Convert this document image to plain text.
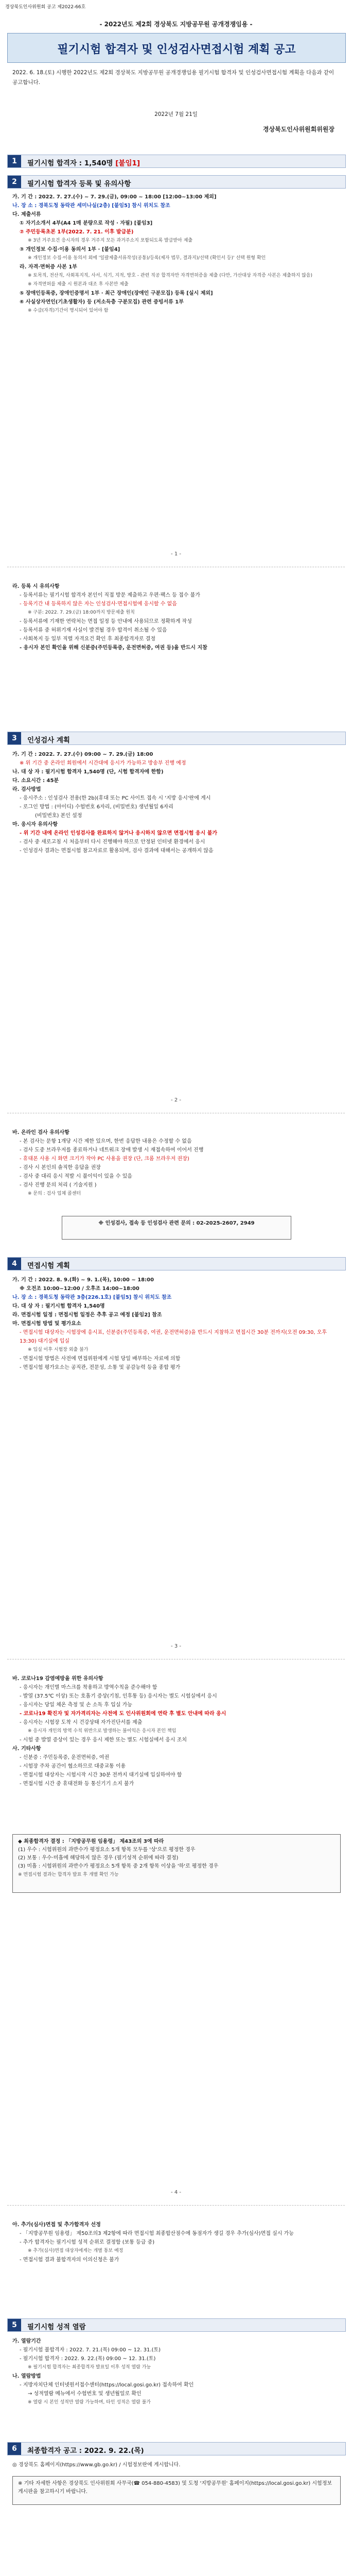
경상북도인사위원회 공고 제2022-66호
- 2022년도 제2회 경상북도 지방공무원 공개경쟁임용 -
필기시험 합격자 및 인성검사면접시험 계획 공고
2022. 6. 18.(토) 시행한 2022년도 제2회 경상북도 지방공무원 공개경쟁임용 필기시험 합격자 및 인성검사면접시험 계획을 다음과 같이 공고합니다.
2022년 7월 21일
경상북도인사위원회위원장
1	필기시험 합격자 : 1,540명 [붙임1]
2	필기시험 합격자 등록 및 유의사항

가. 기 간 : 2022. 7. 27.(수) ~ 7. 29.(금), 09:00 ~ 18:00 [12:00~13:00 제외]

나. 장 소 : 경북도청 동락관 세미나실(2층) [붙임5] 참시 위치도 참조

다. 제출서류

① 자기소개서 4부(A4 1매 분량으로 작성 · 자필) [붙임3]

② 주민등록초본 1부(2022. 7. 21. 이후 발급분)

※ 3년 거주요건 응시자의 경우 거주지 모든 과거주소지 포함되도록 발급받아 제출

③ 개인정보 수집·이용 동의서 1부 · [붙임4]

※ 개인정보 수집·이용 동의서 외에 '일괄제출서류작성(공통)/등록(제자 법무, 결과지)/선택 (확인서 등)' 선택 원형 확인

라. 자격·면허증 사본 1부

※ 토목직, 전산직, 사회복지직, 사서, 식기, 지적, 방호 - 관련 직공 합격자만 자격면허증을 제출 (다만, 가산대상 자격증 사본은 제출하지 않음)

※ 자격면허를 제출 시 원본과 대조 후 사본만 제출

⑤ 장애인등록증, 장애인증명서 1부 · 최근 장애인(장애인 구분모집) 등록 [실시 제외]

⑥ 사실상자연인(기초생활자) 등 (저소득층 구분모집) 관련 증빙서류 1부

※ 수급(자격)기간이 명시되어 있어야 함

- 1 -

라. 등록 시 유의사항

- 등록서류는 필기시험 합격자 본인이 직접 방문 제출하고 우편·팩스 등 접수 불가

- 등록기간 내 등록하지 않은 자는 인성검사·면접시험에 응시할 수 없음

※ 구분: 2022. 7. 29.(금) 18:00까지 방문제출 원칙

- 등록서류에 기재한 연락처는 면접 일정 등 안내에 사용되므로 정확하게 작성

- 등록서류 중 허위기재 사실이 발견될 경우 합격이 취소될 수 있음

- 사회복지 등 일부 직렬 자격요건 확인 후 최종합격자로 결정

- 응시자 본인 확인을 위해 신분증(주민등록증, 운전면허증, 여권 등)을 반드시 지참

3	인성검사 계획

가. 기 간 : 2022. 7. 27.(수) 09:00 ~ 7. 29.(금) 18:00

※ 위 기간 중 온라인 회원에서 시간대에 응시가 가능하고 방송부 진행 예정

나. 대 상 자 : 필기시험 합격자 1,540명 (단, 시험 합격자에 한함)

다. 소요시간 : 45분

라. 검사방법

- 응시주소 : 인성검사 전용(한 2b)(휴대 또는 PC 사이트 접속 시 '지방 응시'란에 게시

- 로그인 방법 : (아이디) 수험번호 6자리, (비밀번호) 생년월일 6자리

(비밀번호) 본인 설정

마. 응시자 유의사항

- 위 기간 내에 온라인 인성검사를 완료하지 않거나 응시하지 않으면 면접시험 응시 불가

- 검사 중 새로고침 시 처음부터 다시 진행해야 하므로 안정된 인터넷 환경에서 응시

- 인성검사 결과는 면접시험 참고자료로 활용되며, 검사 결과에 대해서는 공개하지 않음

- 2 -

바. 온라인 검사 유의사항

- 본 검사는 문항 1개당 시간 제한 있으며, 한번 응답한 내용은 수정할 수 없음

- 검사 도중 브라우저를 종료하거나 네트워크 장애 발생 시 재접속하여 이어서 진행

- 휴대폰 사용 시 화면 크기가 작아 PC 사용을 권장 (단, 크롬 브라우저 권장)

- 검사 시 본인의 솔직한 응답을 권장

- 검사 중 대리 응시 적발 시 불이익이 있을 수 있음

- 검사 진행 문의 처리 ( 기술지원 )

※ 문의 : 검사 업체 콜센터

※ 인성검사, 접속 등 인성검사 관련 문의 : 02-2025-2607, 2949
4	면접시험 계획

가. 기 간 : 2022. 8. 9.(화) ~ 9. 1.(목), 10:00 ~ 18:00

※ 오전조 10:00~12:00 / 오후조 14:00~18:00

나. 장 소 : 경북도청 동락관 3층(226.1호) [붙임5] 참시 위치도 참조

다. 대 상 자 : 필기시험 합격자 1,540명

라. 면접시험 일정 : 면접시험 일정은 추후 공고 예정 [붙임2] 참조

마. 면접시험 방법 및 평가요소

- 면접시험 대상자는 시험장에 응시표, 신분증(주민등록증, 여권, 운전면허증)을 반드시 지참하고 면접시간 30분 전까지(오전 09:30, 오후 13:30) 대기실에 입실

※ 입실 이후 시험장 외출 불가

- 면접시험 방법은 사전에 면접위원에게 시험 당일 배부하는 자료에 의함

- 면접시험 평가요소는 공직관, 전문성, 소통 및 공감능력 등을 종합 평가

- 3 -

바. 코로나19 감염예방을 위한 유의사항

- 응시자는 개인별 마스크를 착용하고 방역수칙을 준수해야 함

- 발열 (37.5℃ 이상) 또는 호흡기 증상(기침, 인후통 등) 응시자는 별도 시험실에서 응시

- 응시자는 당일 체온 측정 및 손 소독 후 입실 가능

- 코로나19 확진자 및 자가격리자는 사전에 도 인사위원회에 연락 후 별도 안내에 따라 응시

- 응시자는 시험장 도착 시 건강상태 자가진단서를 제출

※ 응시자 개인의 방역 수칙 위반으로 발생하는 불이익은 응시자 본인 책임

- 시험 중 발열 증상이 있는 경우 응시 제한 또는 별도 시험실에서 응시 조치

사. 기타사항

- 신분증 : 주민등록증, 운전면허증, 여권

- 시험장 주차 공간이 협소하므로 대중교통 이용

- 면접시험 대상자는 시험시작 시간 30분 전까지 대기실에 입실하여야 함

- 면접시험 시간 중 휴대전화 등 통신기기 소지 불가

◆ 최종합격자 결정 : 「지방공무원 임용령」 제43조의 3에 따라
(1) 우수 : 시험위원의 과반수가 평정요소 5개 항목 모두를 '상'으로 평정한 경우
(2) 보통 : 우수·미흡에 해당하지 않은 경우 (필기성적 순위에 따라 결정)
(3) 미흡 : 시험위원의 과반수가 평정요소 5개 항목 중 2개 항목 이상을 '하'로 평정한 경우
※ 면접시험 결과는 합격자 발표 후 개별 확인 가능
- 4 -

아. 추가(심사)면접 및 추가합격자 선정

- 「지방공무원 임용령」 제50조의3 제2항에 따라 면접시험 최종합산점수에 동점자가 생길 경우 추가(심사)면접 실시 가능

- 추가 합격자는 필기시험 성적 순위로 결정함 (보통 등급 중)

※ 추가(심사)면접 대상자에게는 개별 통보 예정

- 면접시험 결과 불합격자의 이의신청은 불가

5	필기시험 성적 열람

가. 열람기간

- 필기시험 불합격자 : 2022. 7. 21.(목) 09:00 ~ 12. 31.(토)

- 필기시험 합격자 : 2022. 9. 22.(목) 09:00 ~ 12. 31.(토)

※ 필기시험 합격자는 최종합격자 발표일 이후 성적 열람 가능

나. 열람방법

- 지방자치단체 인터넷원서접수센터(https://local.gosi.go.kr) 접속하여 확인

→ 성적열람 메뉴에서 수험번호 및 생년월일로 확인

※ 열람 시 본인 성적만 열람 가능하며, 타인 성적은 열람 불가

6	최종합격자 공고 : 2022. 9. 22.(목)

◎ 경상북도 홈페이지(https://www.gb.go.kr) / 시험정보란에 게시합니다.

※ 기타 자세한 사항은 경상북도 인사위원회 사무국(☎ 054-880-4583) 및 도청 '지방공무원' 홈페이지(https://local.gosi.go.kr) 시험정보 게시판을 참고하시기 바랍니다.
